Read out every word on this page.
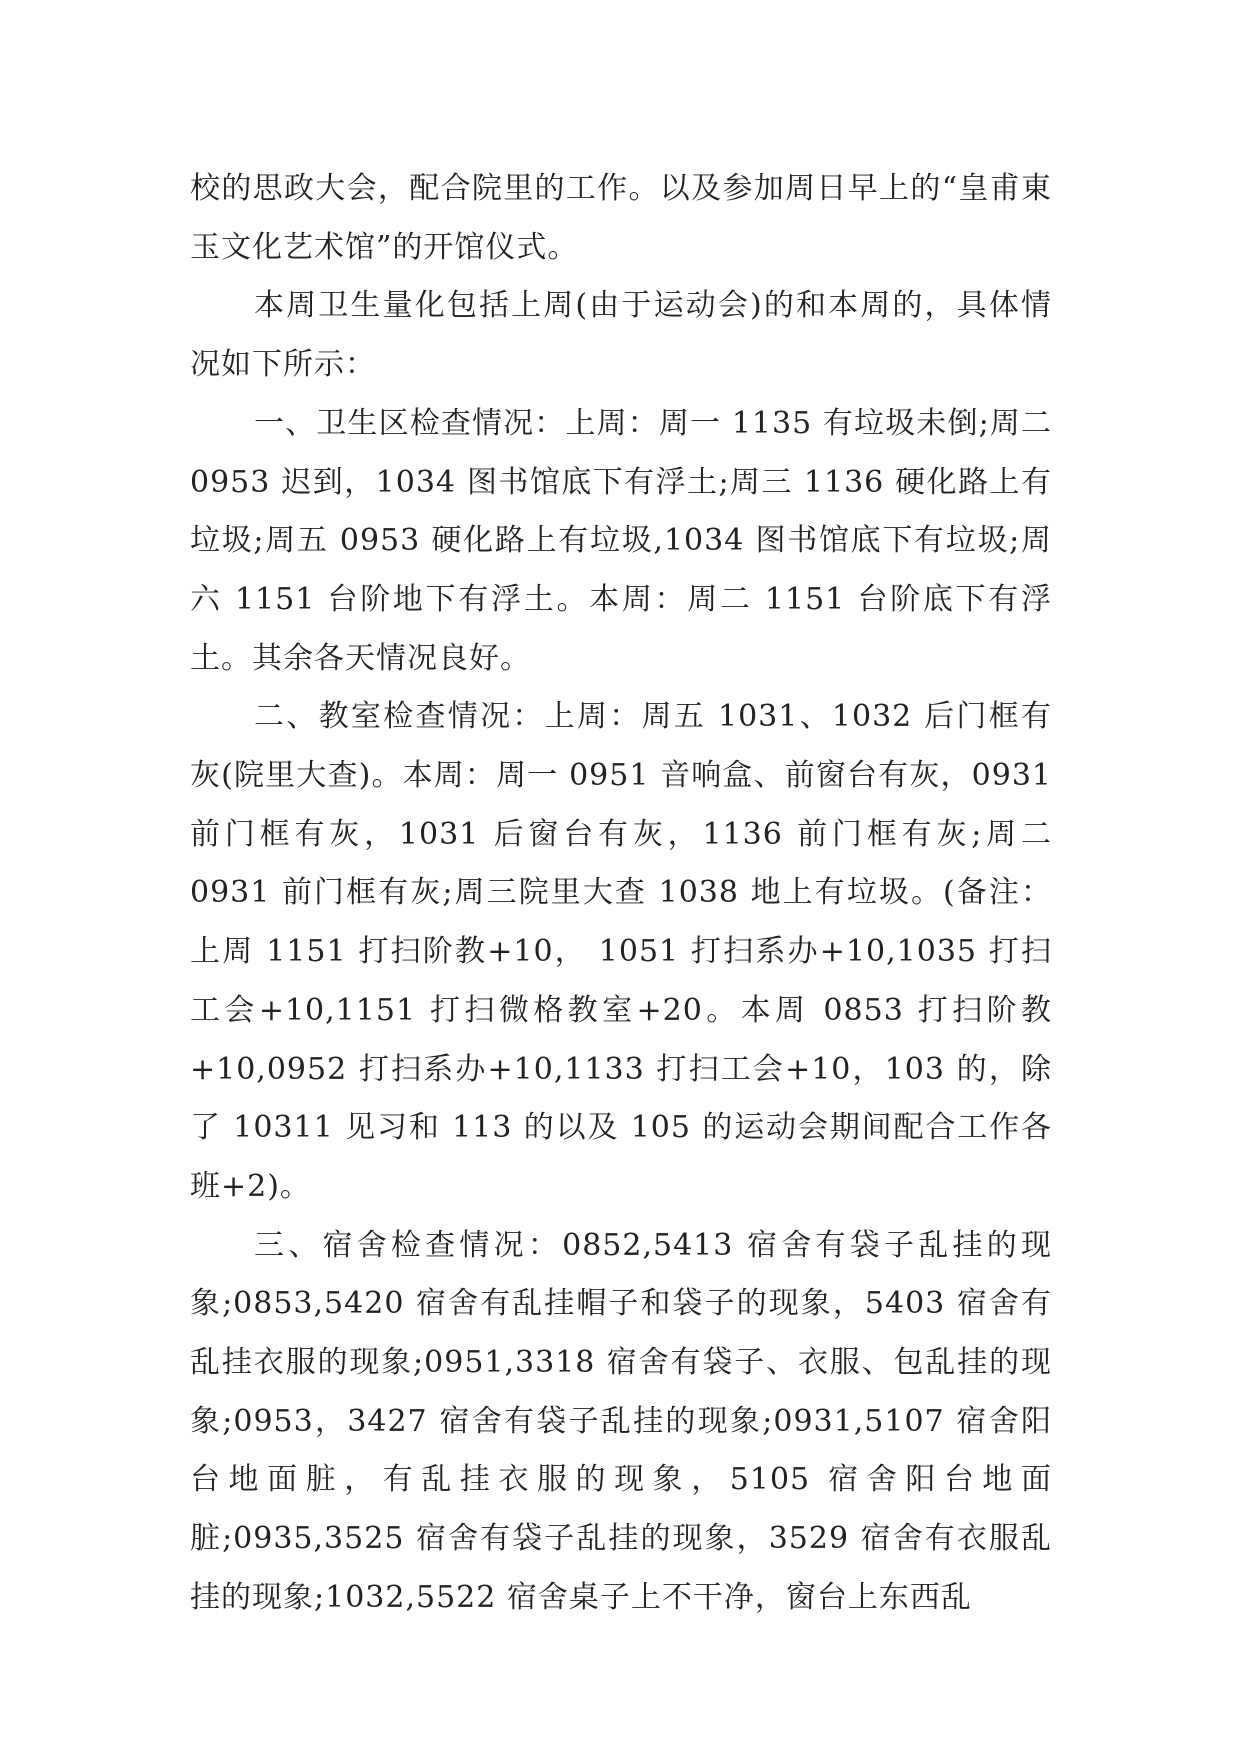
校的思政大会，配合院里的工作。以及参加周日早上的“皇甫東玉文化艺术馆”的开馆仪式。

本周卫生量化包括上周(由于运动会)的和本周的，具体情况如下所示：

一、卫生区检查情况：上周：周一 1135 有垃圾未倒;周二 0953 迟到，1034 图书馆底下有浮土;周三 1136 硬化路上有垃圾;周五 0953 硬化路上有垃圾,1034 图书馆底下有垃圾;周六 1151 台阶地下有浮土。本周：周二 1151 台阶底下有浮土。其余各天情况良好。

二、教室检查情况：上周：周五 1031、1032 后门框有灰(院里大查)。本周：周一 0951 音响盒、前窗台有灰，0931 前门框有灰，1031 后窗台有灰，1136 前门框有灰;周二 0931 前门框有灰;周三院里大查 1038 地上有垃圾。(备注：上周 1151 打扫阶教+10， 1051 打扫系办+10,1035 打扫工会+10,1151 打扫微格教室+20。本周 0853 打扫阶教+10,0952 打扫系办+10,1133 打扫工会+10，103 的，除了 10311 见习和 113 的以及 105 的运动会期间配合工作各班+2)。

三、宿舍检查情况：0852,5413 宿舍有袋子乱挂的现象;0853,5420 宿舍有乱挂帽子和袋子的现象，5403 宿舍有乱挂衣服的现象;0951,3318 宿舍有袋子、衣服、包乱挂的现象;0953，3427 宿舍有袋子乱挂的现象;0931,5107 宿舍阳台地面脏，有乱挂衣服的现象，5105 宿舍阳台地面脏;0935,3525 宿舍有袋子乱挂的现象，3529 宿舍有衣服乱挂的现象;1032,5522 宿舍桌子上不干净，窗台上东西乱
